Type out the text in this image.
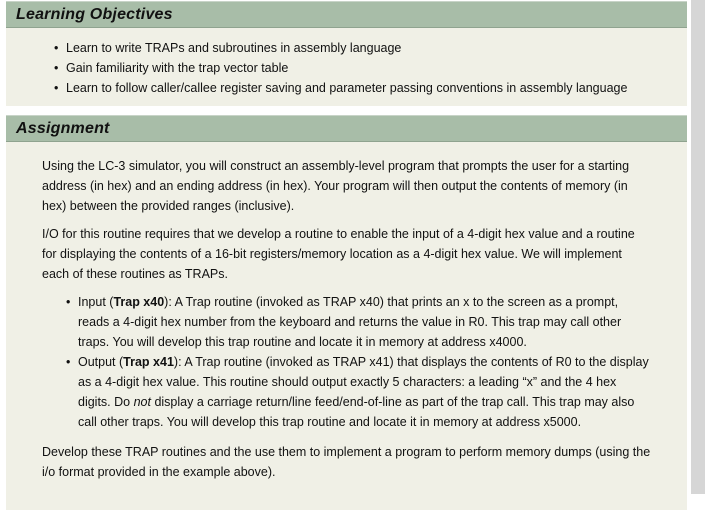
Learning Objectives
• Learn to write TRAPs and subroutines in assembly language
• Gain familiarity with the trap vector table
• Learn to follow caller/callee register saving and parameter passing conventions in assembly language
Assignment

Using the LC-3 simulator, you will construct an assembly-level program that prompts the user for a starting address (in hex) and an ending address (in hex). Your program will then output the contents of memory (in hex) between the provided ranges (inclusive).

I/O for this routine requires that we develop a routine to enable the input of a 4-digit hex value and a routine for displaying the contents of a 16-bit registers/memory location as a 4-digit hex value. We will implement each of these routines as TRAPs.

• Input (Trap x40): A Trap routine (invoked as TRAP x40) that prints an x to the screen as a prompt, reads a 4-digit hex number from the keyboard and returns the value in R0. This trap may call other traps. You will develop this trap routine and locate it in memory at address x4000.
• Output (Trap x41): A Trap routine (invoked as TRAP x41) that displays the contents of R0 to the display as a 4-digit hex value. This routine should output exactly 5 characters: a leading “x” and the 4 hex digits. Do not display a carriage return/line feed/end-of-line as part of the trap call. This trap may also call other traps. You will develop this trap routine and locate it in memory at address x5000.

Develop these TRAP routines and the use them to implement a program to perform memory dumps (using the i/o format provided in the example above).
